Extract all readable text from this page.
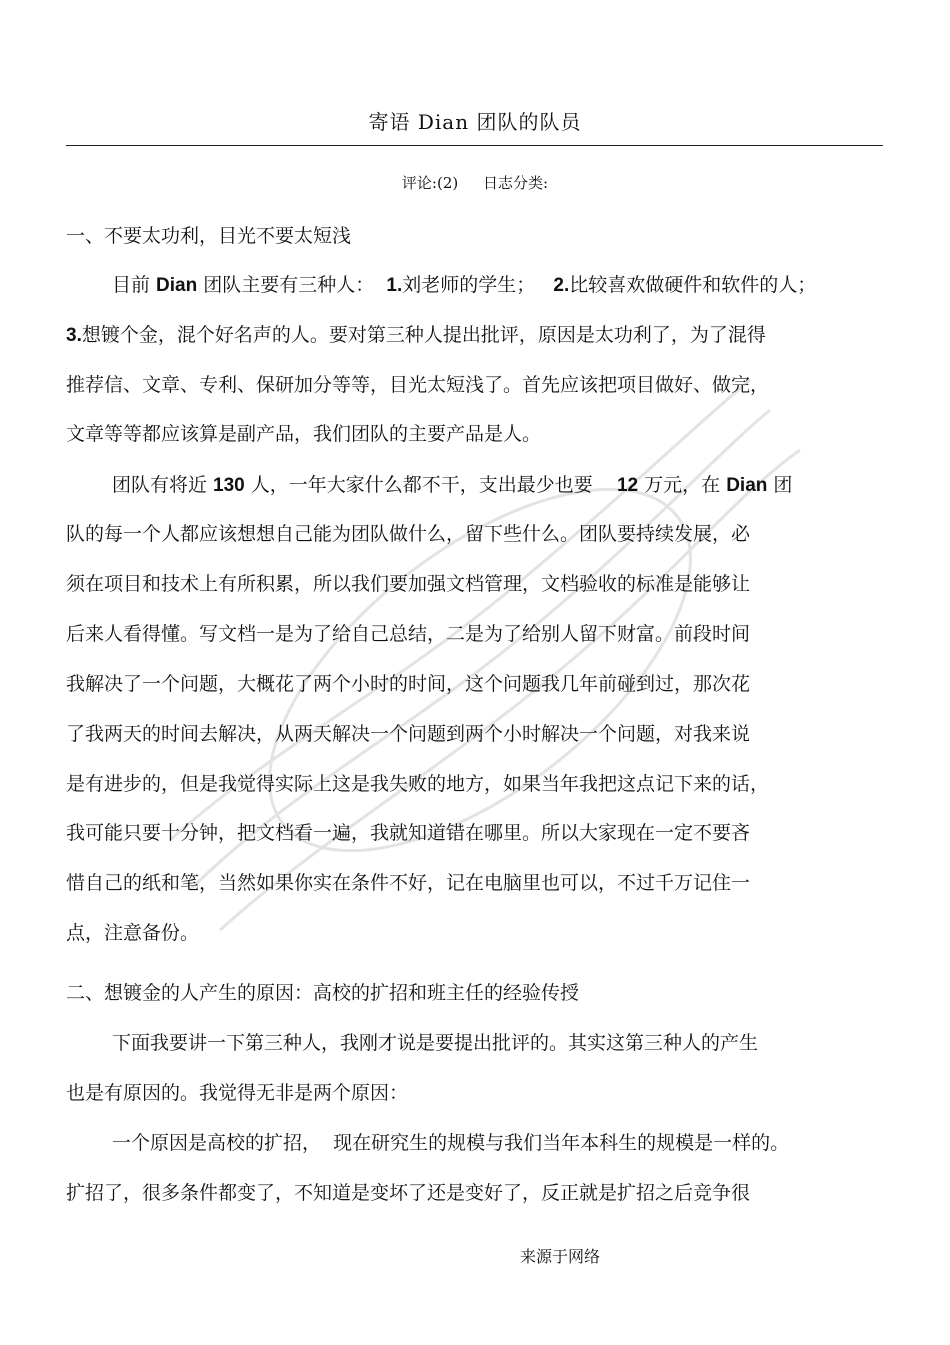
寄语 Dian 团队的队员
评论:(2) 日志分类:
一、不要太功利，目光不要太短浅
目前 Dian 团队主要有三种人： 1.刘老师的学生； 2.比较喜欢做硬件和软件的人；
3.想镀个金，混个好名声的人。要对第三种人提出批评，原因是太功利了，为了混得
推荐信、文章、专利、保研加分等等，目光太短浅了。首先应该把项目做好、做完，
文章等等都应该算是副产品，我们团队的主要产品是人。
团队有将近 130 人，一年大家什么都不干，支出最少也要    12 万元，在 Dian 团
队的每一个人都应该想想自己能为团队做什么，留下些什么。团队要持续发展，必
须在项目和技术上有所积累，所以我们要加强文档管理，文档验收的标准是能够让
后来人看得懂。写文档一是为了给自己总结，二是为了给别人留下财富。前段时间
我解决了一个问题，大概花了两个小时的时间，这个问题我几年前碰到过，那次花
了我两天的时间去解决，从两天解决一个问题到两个小时解决一个问题，对我来说
是有进步的，但是我觉得实际上这是我失败的地方，如果当年我把这点记下来的话，
我可能只要十分钟，把文档看一遍，我就知道错在哪里。所以大家现在一定不要吝
惜自己的纸和笔，当然如果你实在条件不好，记在电脑里也可以，不过千万记住一
点，注意备份。
二、想镀金的人产生的原因：高校的扩招和班主任的经验传授
下面我要讲一下第三种人，我刚才说是要提出批评的。其实这第三种人的产生
也是有原因的。我觉得无非是两个原因：
一个原因是高校的扩招，  现在研究生的规模与我们当年本科生的规模是一样的。
扩招了，很多条件都变了，不知道是变坏了还是变好了，反正就是扩招之后竞争很
来源于网络
